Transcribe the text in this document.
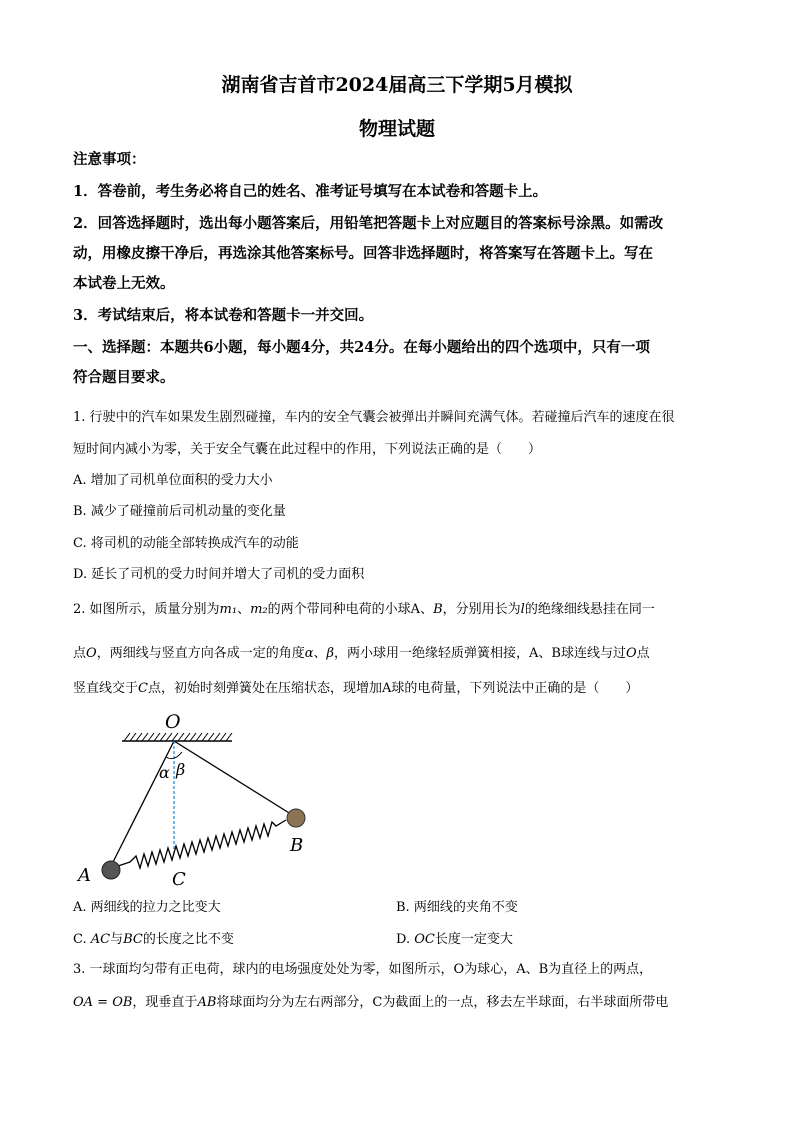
湖南省吉首市2024届高三下学期5月模拟
物理试题
注意事项：
1．答卷前，考生务必将自己的姓名、准考证号填写在本试卷和答题卡上。
2．回答选择题时，选出每小题答案后，用铅笔把答题卡上对应题目的答案标号涂黑。如需改
动，用橡皮擦干净后，再选涂其他答案标号。回答非选择题时，将答案写在答题卡上。写在
本试卷上无效。
3．考试结束后，将本试卷和答题卡一并交回。
一、选择题：本题共6小题，每小题4分，共24分。在每小题给出的四个选项中，只有一项
符合题目要求。
1. 行驶中的汽车如果发生剧烈碰撞，车内的安全气囊会被弹出并瞬间充满气体。若碰撞后汽车的速度在很
短时间内减小为零，关于安全气囊在此过程中的作用，下列说法正确的是（　　）
A. 增加了司机单位面积的受力大小
B. 减少了碰撞前后司机动量的变化量
C. 将司机的动能全部转换成汽车的动能
D. 延长了司机的受力时间并增大了司机的受力面积
2. 如图所示，质量分别为m₁、m₂的两个带同种电荷的小球A、B，分别用长为l的绝缘细线悬挂在同一
点O，两细线与竖直方向各成一定的角度α、β，两小球用一绝缘轻质弹簧相接，A、B球连线与过O点
竖直线交于C点，初始时刻弹簧处在压缩状态，现增加A球的电荷量，下列说法中正确的是（　　）
O
α β
A
B
C
A. 两细线的拉力之比变大	B. 两细线的夹角不变
C. AC与BC的长度之比不变	D. OC长度一定变大
3. 一球面均匀带有正电荷，球内的电场强度处处为零，如图所示，O为球心，A、B为直径上的两点，
OA = OB，现垂直于AB将球面均分为左右两部分，C为截面上的一点，移去左半球面，右半球面所带电
